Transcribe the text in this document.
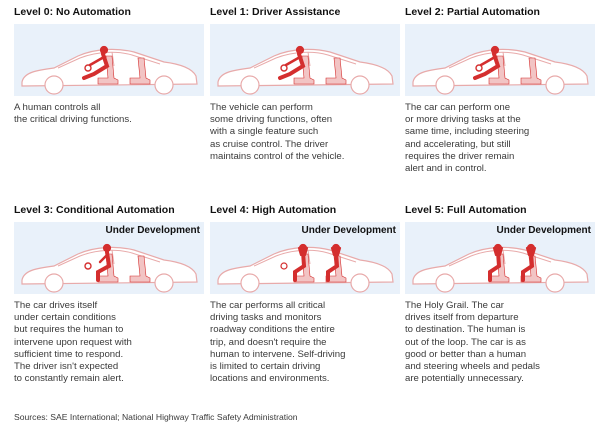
Level 0: No Automation
A human controls all
the critical driving functions.
Level 1: Driver Assistance
The vehicle can perform
some driving functions, often
with a single feature such
as cruise control. The driver
maintains control of the vehicle.
Level 2: Partial Automation
The car can perform one
or more driving tasks at the
same time, including steering
and accelerating, but still
requires the driver remain
alert and in control.
Level 3: Conditional Automation
Under Development
The car drives itself
under certain conditions
but requires the human to
intervene upon request with
sufficient time to respond.
The driver isn't expected
to constantly remain alert.
Level 4: High Automation
Under Development
The car performs all critical
driving tasks and monitors
roadway conditions the entire
trip, and doesn't require the
human to intervene. Self-driving
is limited to certain driving
locations and environments.
Level 5: Full Automation
Under Development
The Holy Grail. The car
drives itself from departure
to destination. The human is
out of the loop. The car is as
good or better than a human
and steering wheels and pedals
are potentially unnecessary.
Sources: SAE International; National Highway Traffic Safety Administration
